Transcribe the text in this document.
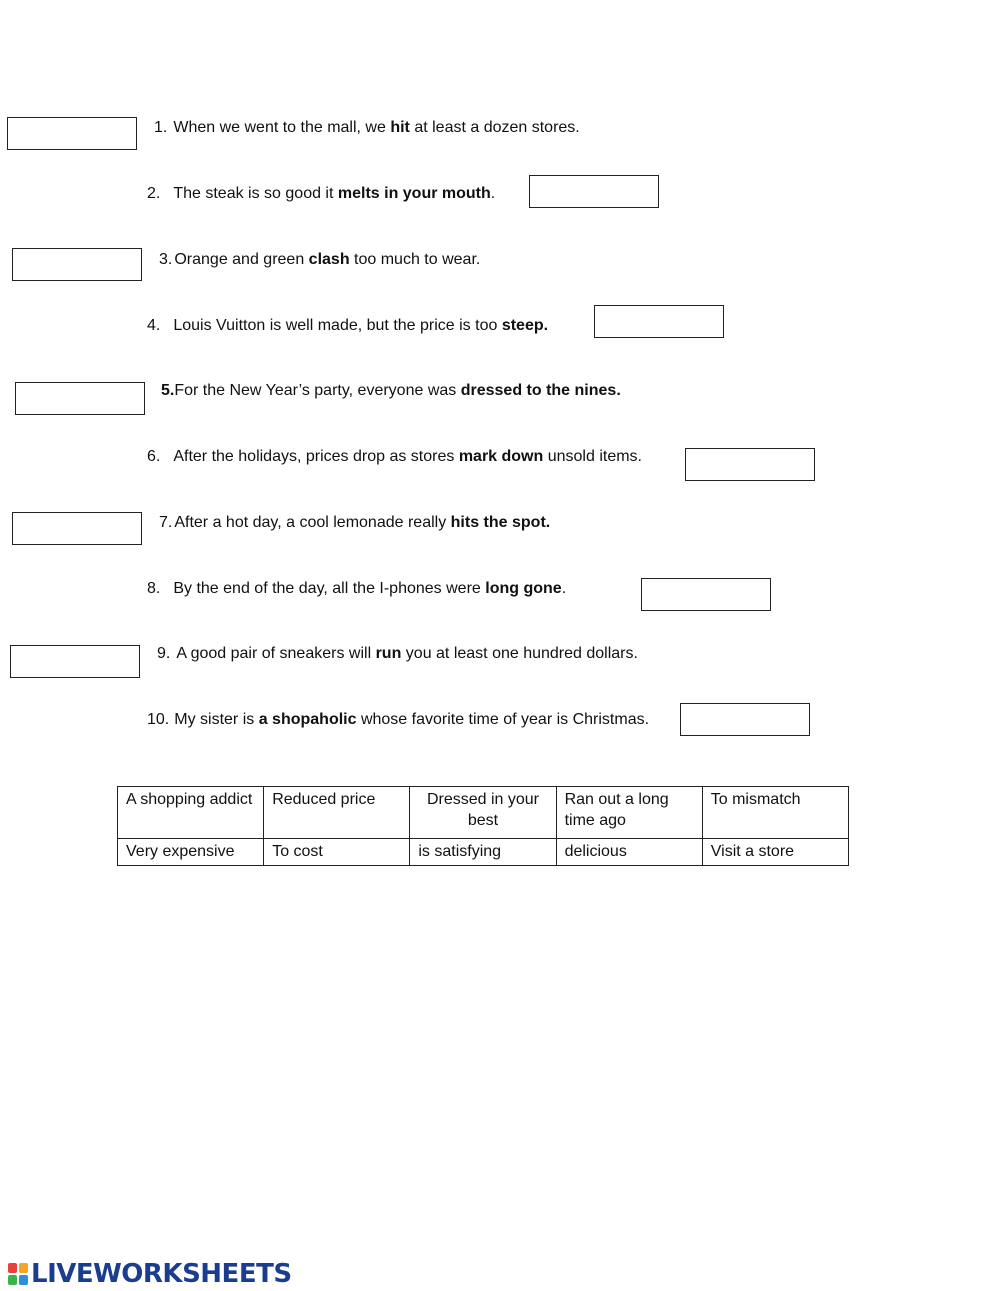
1. When we went to the mall, we hit at least a dozen stores.
2. The steak is so good it melts in your mouth.
3. Orange and green clash too much to wear.
4. Louis Vuitton is well made, but the price is too steep.
5.For the New Year’s party, everyone was dressed to the nines.
6. After the holidays, prices drop as stores mark down unsold items.
7. After a hot day, a cool lemonade really hits the spot.
8. By the end of the day, all the I-phones were long gone.
9. A good pair of sneakers will run you at least one hundred dollars.
10. My sister is a shopaholic whose favorite time of year is Christmas.
A shopping addict	Reduced price	Dressed in your best	Ran out a long time ago	To mismatch
Very expensive	To cost	is satisfying	delicious	Visit a store
LIVEWORKSHEETS
